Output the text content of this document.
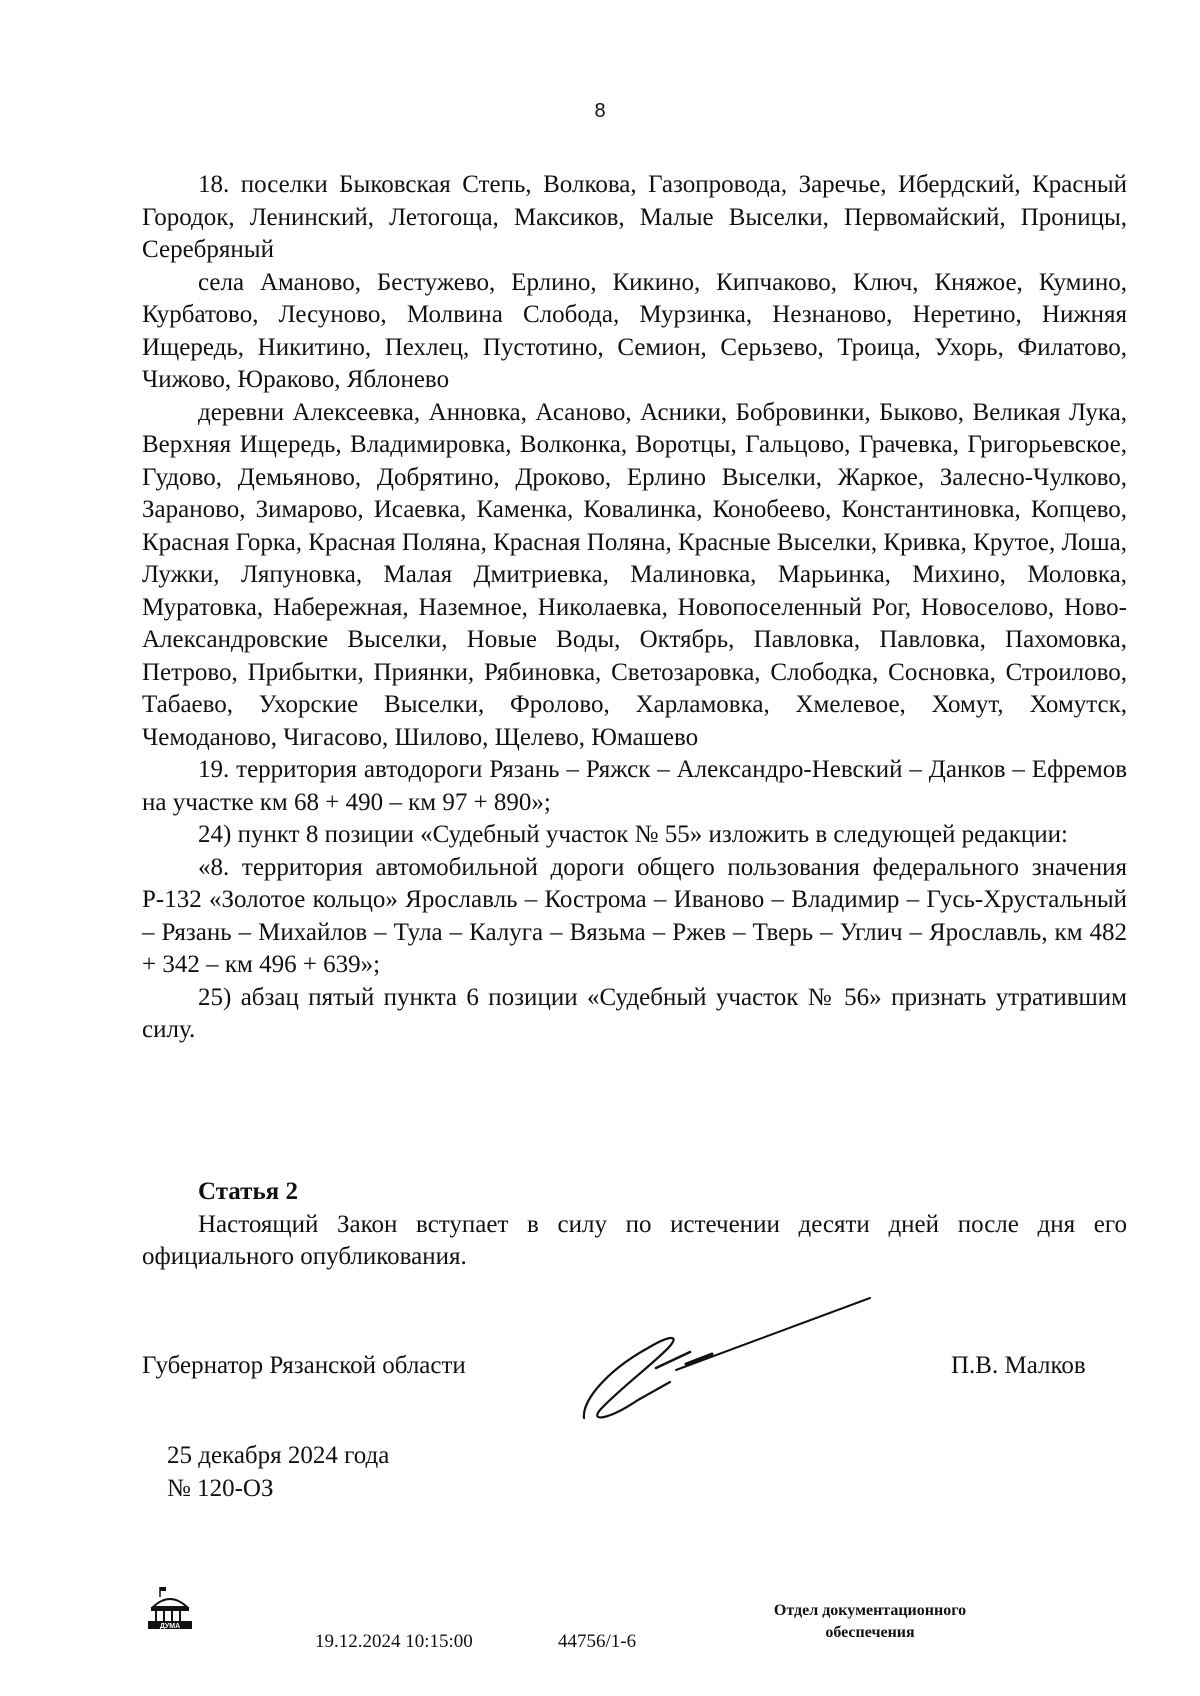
8

18. поселки Быковская Степь, Волкова, Газопровода, Заречье, Ибердский, Красный Городок, Ленинский, Летогоща, Максиков, Малые Выселки, Первомайский, Проницы, Серебряный

села Аманово, Бестужево, Ерлино, Кикино, Кипчаково, Ключ, Княжое, Кумино, Курбатово, Лесуново, Молвина Слобода, Мурзинка, Незнаново, Неретино, Нижняя Ищередь, Никитино, Пехлец, Пустотино, Семион, Серьзево, Троица, Ухорь, Филатово, Чижово, Юраково, Яблонево

деревни Алексеевка, Анновка, Асаново, Асники, Бобровинки, Быково, Великая Лука, Верхняя Ищередь, Владимировка, Волконка, Воротцы, Гальцово, Грачевка, Григорьевское, Гудово, Демьяново, Добрятино, Дроково, Ерлино Выселки, Жаркое, Залесно-Чулково, Зараново, Зимарово, Исаевка, Каменка, Ковалинка, Конобеево, Константиновка, Копцево, Красная Горка, Красная Поляна, Красная Поляна, Красные Выселки, Кривка, Крутое, Лоша, Лужки, Ляпуновка, Малая Дмитриевка, Малиновка, Марьинка, Михино, Моловка, Муратовка, Набережная, Наземное, Николаевка, Новопоселенный Рог, Новоселово, Ново-Александровские Выселки, Новые Воды, Октябрь, Павловка, Павловка, Пахомовка, Петрово, Прибытки, Приянки, Рябиновка, Светозаровка, Слободка, Сосновка, Строилово, Табаево, Ухорские Выселки, Фролово, Харламовка, Хмелевое, Хомут, Хомутск, Чемоданово, Чигасово, Шилово, Щелево, Юмашево

19. территория автодороги Рязань – Ряжск – Александро-Невский – Данков – Ефремов на участке км 68 + 490 – км 97 + 890»;

24) пункт 8 позиции «Судебный участок № 55» изложить в следующей редакции:

«8. территория автомобильной дороги общего пользования федерального значения Р-132 «Золотое кольцо» Ярославль – Кострома – Иваново – Владимир – Гусь-Хрустальный – Рязань – Михайлов – Тула – Калуга – Вязьма – Ржев – Тверь – Углич – Ярославль, км 482 + 342 – км 496 + 639»;

25) абзац пятый пункта 6 позиции «Судебный участок № 56» признать утратившим силу.

Статья 2

Настоящий Закон вступает в силу по истечении десяти дней после дня его официального опубликования.

Губернатор Рязанской области	П.В. Малков
25 декабря 2024 года
№ 120-ОЗ
ДУМА
19.12.2024 10:15:00	44756/1-6
Отдел документационного
обеспечения
